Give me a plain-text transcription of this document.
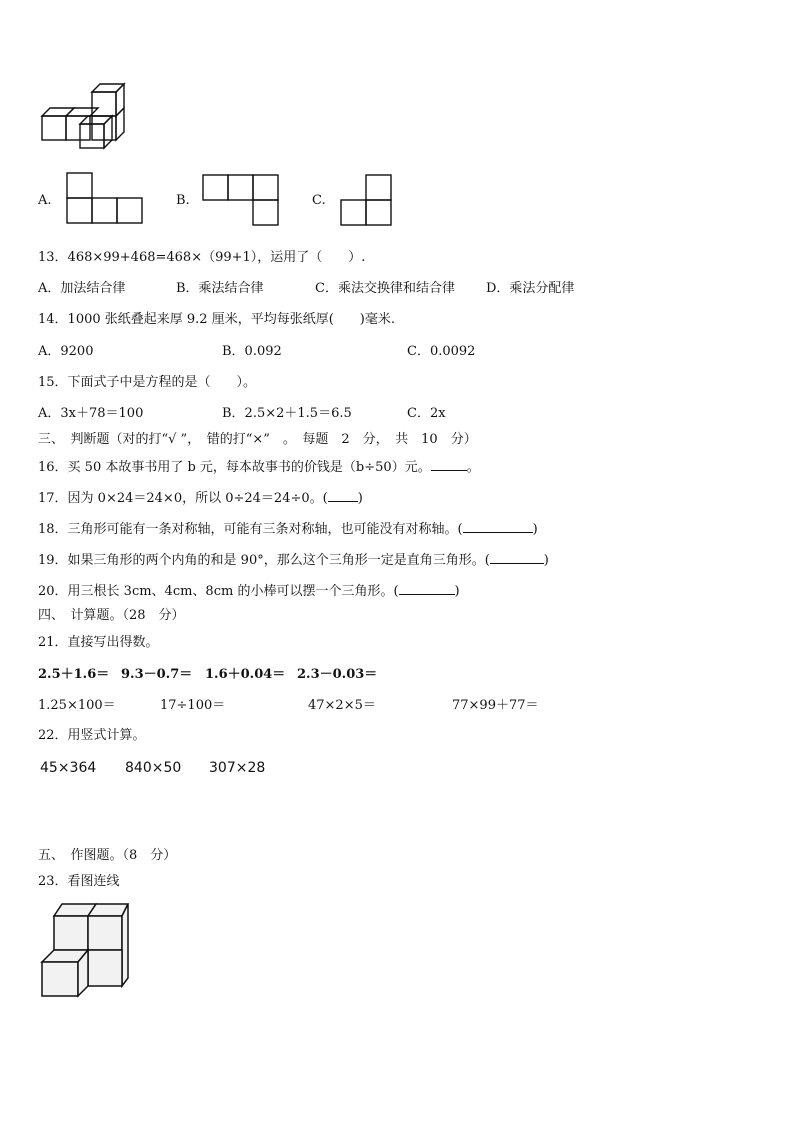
A.	B.	C.
13．468×99+468=468×（99+1），运用了（　　）.
A．加法结合律	B．乘法结合律	C．乘法交换律和结合律 D．乘法分配律
14．1000 张纸叠起来厚 9.2 厘米，平均每张纸厚(　　)毫米.
A．9200	B．0.092	C．0.0092
15．下面式子中是方程的是（　　）。
A．3x＋78＝100	B．2.5×2＋1.5＝6.5	C．2x
三、　判断题（对的打“√ ”，　错的打“×”　。　每题　2　分，　共　10　分）
16．买 50 本故事书用了 b 元，每本故事书的价钱是（b÷50）元。	。
17．因为 0×24＝24×0，所以 0÷24＝24÷0。( )
18．三角形可能有一条对称轴，可能有三条对称轴，也可能没有对称轴。(	)
19．如果三角形的两个内角的和是 90°，那么这个三角形一定是直角三角形。(	)
20．用三根长 3cm、4cm、8cm 的小棒可以摆一个三角形。(	)
四、　计算题。（28　分）
21．直接写出得数。
2.5＋1.6＝ 9.3－0.7＝ 1.6＋0.04＝ 2.3－0.03＝
1.25×100＝	17÷100＝	47×2×5＝	77×99＋77＝
22．用竖式计算。
45×364 840×50 307×28
五、　作图题。（8　分）
23．看图连线
